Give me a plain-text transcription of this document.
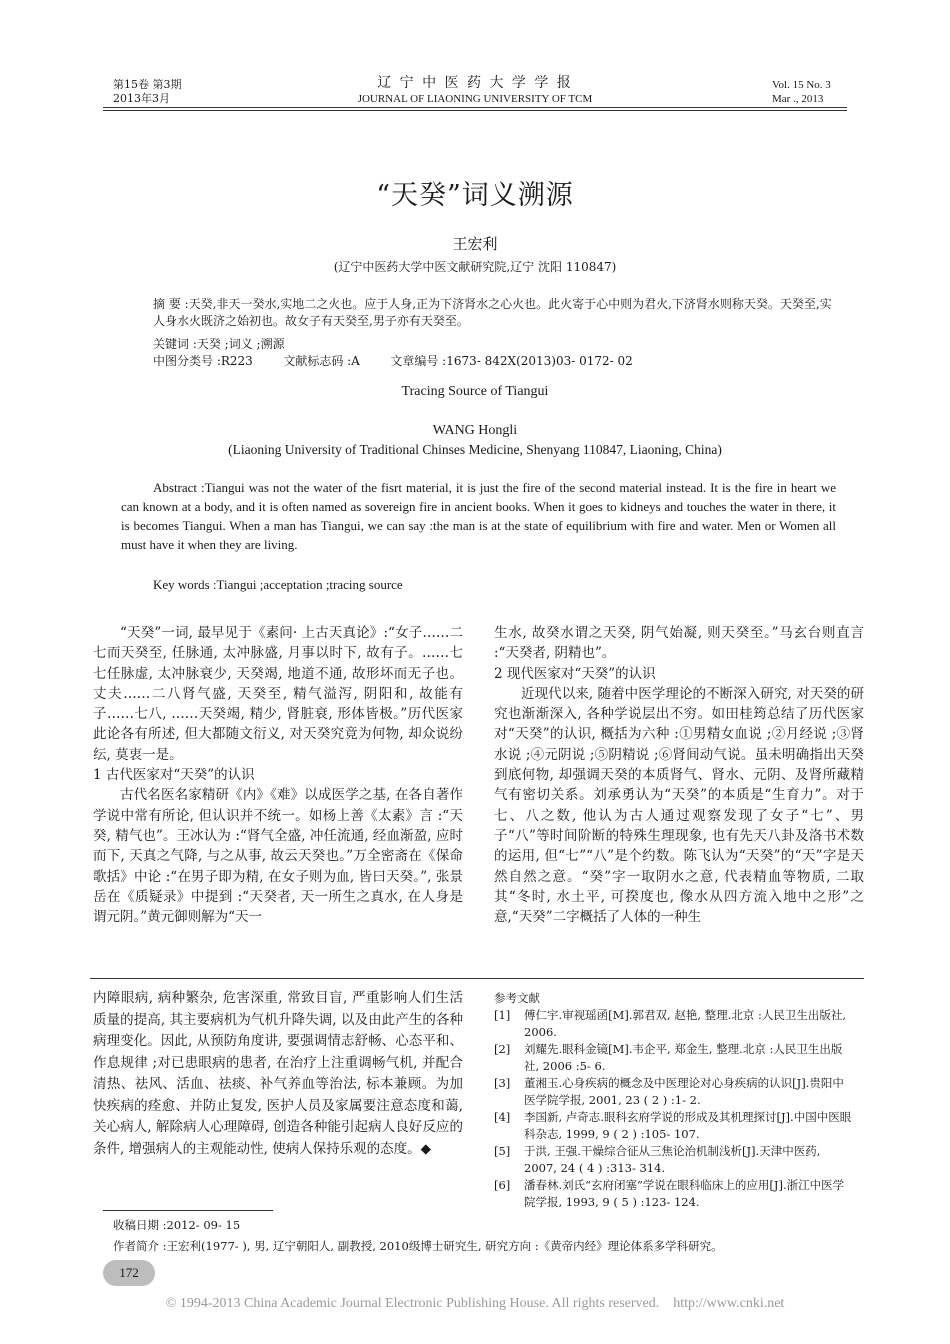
第15卷 第3期
2013年3月
辽 宁 中 医 药 大 学 学 报
JOURNAL OF LIAONING UNIVERSITY OF TCM
Vol. 15 No. 3
Mar ., 2013
“天癸”词义溯源
王宏利
(辽宁中医药大学中医文献研究院,辽宁 沈阳 110847)
摘 要 :天癸,非天一癸水,实地二之火也。应于人身,正为下济肾水之心火也。此火寄于心中则为君火,下济肾水则称天癸。天癸至,实人身水火既济之始初也。故女子有天癸至,男子亦有天癸至。
关键词 :天癸 ;词义 ;溯源
中图分类号 :R223        文献标志码 :A        文章编号 :1673- 842X(2013)03- 0172- 02
Tracing Source of Tiangui
WANG Hongli
(Liaoning University of Traditional Chinses Medicine, Shenyang 110847, Liaoning, China)
Abstract :Tiangui was not the water of the fisrt material, it is just the fire of the second material instead. It is the fire in heart we can known at a body, and it is often named as sovereign fire in ancient books. When it goes to kidneys and touches the water in there, it is becomes Tiangui. When a man has Tiangui, we can say :the man is at the state of equilibrium with fire and water. Men or Women all must have it when they are living.
Key words :Tiangui ;acceptation ;tracing source

“天癸”一词, 最早见于《素问· 上古天真论》:“女子……二七而天癸至, 任脉通, 太冲脉盛, 月事以时下, 故有子。……七七任脉虚, 太冲脉衰少, 天癸竭, 地道不通, 故形坏而无子也。丈夫……二八肾气盛, 天癸至, 精气溢泻, 阴阳和, 故能有子……七八, ……天癸竭, 精少, 肾脏衰, 形体皆极。”历代医家此论各有所述, 但大都随文衍义, 对天癸究竟为何物, 却众说纷纭, 莫衷一是。

1 古代医家对“天癸”的认识

古代名医名家精研《内》《难》以成医学之基, 在各自著作学说中常有所论, 但认识并不统一。如杨上善《太素》言 :“天癸, 精气也”。王冰认为 :“肾气全盛, 冲任流通, 经血渐盈, 应时而下, 天真之气降, 与之从事, 故云天癸也。”万全密斋在《保命歌括》中论 :“在男子即为精, 在女子则为血, 皆曰天癸。”, 张景岳在《质疑录》中提到 :“天癸者, 天一所生之真水, 在人身是谓元阴。”黄元御则解为“天一

生水, 故癸水谓之天癸, 阴气始凝, 则天癸至。”马玄台则直言 :“天癸者, 阴精也”。

2 现代医家对“天癸”的认识

近现代以来, 随着中医学理论的不断深入研究, 对天癸的研究也渐渐深入, 各种学说层出不穷。如田桂筠总结了历代医家对“天癸”的认识, 概括为六种 :①男精女血说 ;②月经说 ;③肾水说 ;④元阴说 ;⑤阴精说 ;⑥肾间动气说。虽未明确指出天癸到底何物, 却强调天癸的本质肾气、肾水、元阴、及肾所藏精气有密切关系。刘承勇认为“天癸”的本质是“生育力”。对于七、八之数, 他认为古人通过观察发现了女子“七”、男子“八”等时间阶断的特殊生理现象, 也有先天八卦及洛书术数的运用, 但“七”“八”是个约数。陈飞认为“天癸”的“天”字是天然自然之意。“癸”字一取阴水之意, 代表精血等物质, 二取其“冬时, 水土平, 可揆度也, 像水从四方流入地中之形”之意,“天癸”二字概括了人体的一种生

内障眼病, 病种繁杂, 危害深重, 常致目盲, 严重影响人们生活质量的提高, 其主要病机为气机升降失调, 以及由此产生的各种病理变化。因此, 从预防角度讲, 要强调情志舒畅、心态平和、作息规律 ;对已患眼病的患者, 在治疗上注重调畅气机, 并配合清热、祛风、活血、祛痰、补气养血等治法, 标本兼顾。为加快疾病的痊愈、并防止复发, 医护人员及家属要注意态度和蔼, 关心病人, 解除病人心理障碍, 创造各种能引起病人良好反应的条件, 增强病人的主观能动性, 使病人保持乐观的态度。◆

参考文献
[1]	傅仁宇.审视瑶函[M].郭君双, 赵艳, 整理.北京 :人民卫生出版社, 2006.
[2]	刘耀先.眼科金镜[M].韦企平, 郑金生, 整理.北京 :人民卫生出版社, 2006 :5- 6.
[3]	董湘玉.心身疾病的概念及中医理论对心身疾病的认识[J].贵阳中医学院学报, 2001, 23 ( 2 ) :1- 2.
[4]	李国新, 卢奇志.眼科玄府学说的形成及其机理探讨[J].中国中医眼科杂志, 1999, 9 ( 2 ) :105- 107.
[5]	于洪, 王强.干燥综合征从三焦论治机制浅析[J].天津中医药, 2007, 24 ( 4 ) :313- 314.
[6]	潘春林.刘氏“玄府闭塞”学说在眼科临床上的应用[J].浙江中医学院学报, 1993, 9 ( 5 ) :123- 124.
收稿日期 :2012- 09- 15
作者简介 :王宏利(1977- ), 男, 辽宁朝阳人, 副教授, 2010级博士研究生, 研究方向 :《黄帝内经》理论体系多学科研究。
172
© 1994-2013 China Academic Journal Electronic Publishing House. All rights reserved.    http://www.cnki.net
